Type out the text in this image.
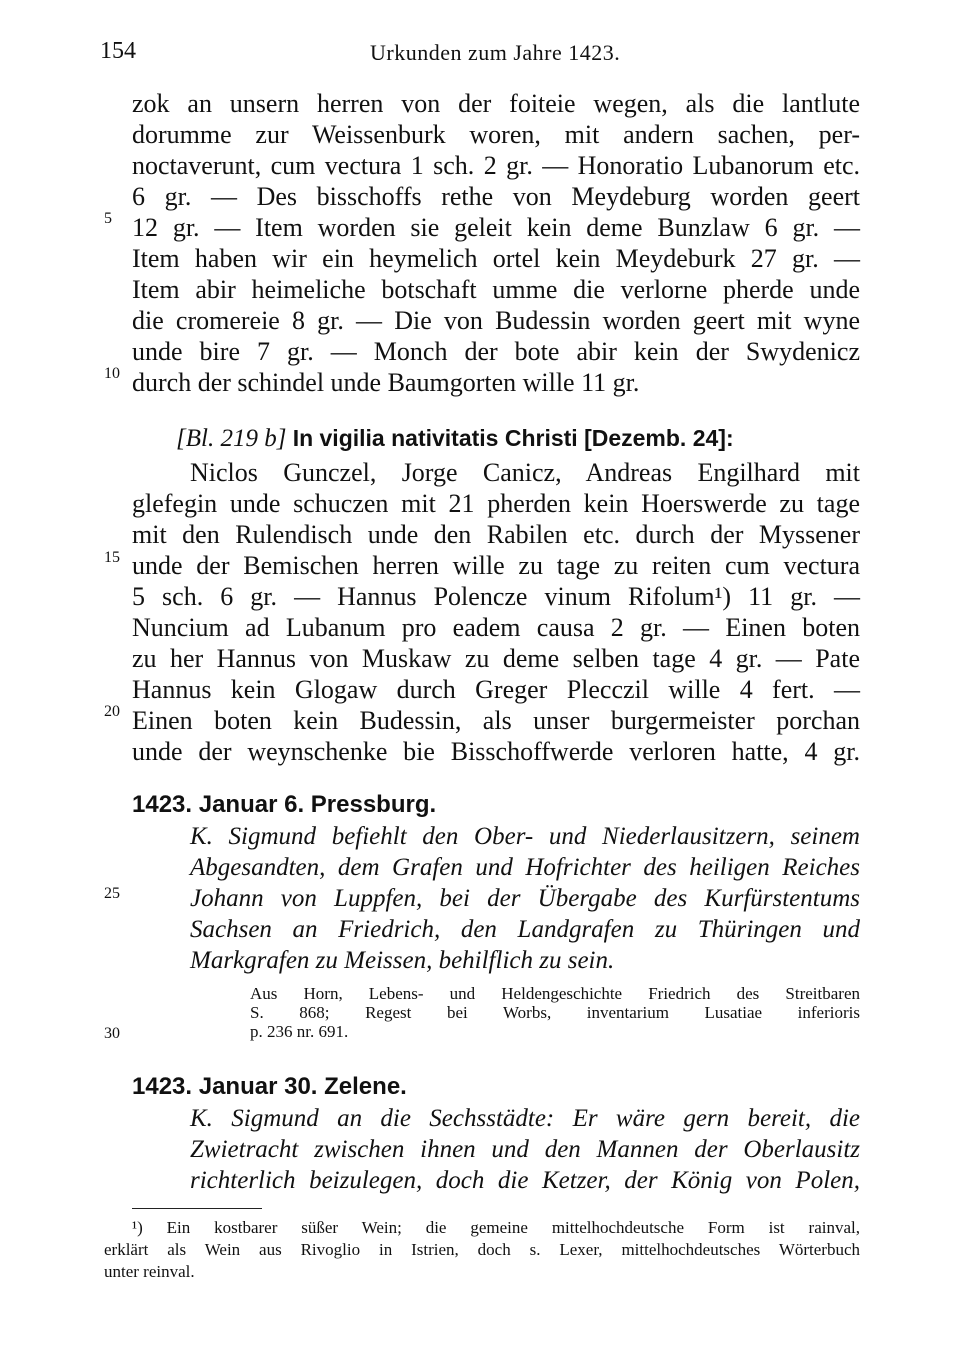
154	Urkunden zum Jahre 1423.
5
10
15
20
25
30
zok an unsern herren von der foiteie wegen, als die lantlute
dorumme zur Weissenburk woren, mit andern sachen, per-
noctaverunt, cum vectura 1 sch. 2 gr. — Honoratio Lubanorum etc.
6 gr. — Des bisschoffs rethe von Meydeburg worden geert
12 gr. — Item worden sie geleit kein deme Bunzlaw 6 gr. —
Item haben wir ein heymelich ortel kein Meydeburk 27 gr. —
Item abir heimeliche botschaft umme die verlorne pherde unde
die cromereie 8 gr. — Die von Budessin worden geert mit wyne
unde bire 7 gr. — Monch der bote abir kein der Swydenicz
durch der schindel unde Baumgorten wille 11 gr.
[Bl. 219 b] In vigilia nativitatis Christi [Dezemb. 24]:
Niclos Gunczel, Jorge Canicz, Andreas Engilhard mit
glefegin unde schuczen mit 21 pherden kein Hoerswerde zu tage
mit den Rulendisch unde den Rabilen etc. durch der Myssener
unde der Bemischen herren wille zu tage zu reiten cum vectura
5 sch. 6 gr. — Hannus Polencze vinum Rifolum¹) 11 gr. —
Nuncium ad Lubanum pro eadem causa 2 gr. — Einen boten
zu her Hannus von Muskaw zu deme selben tage 4 gr. — Pate
Hannus kein Glogaw durch Greger Plecczil wille 4 fert. —
Einen boten kein Budessin, als unser burgermeister porchan
unde der weynschenke bie Bisschoffwerde verloren hatte, 4 gr.
1423. Januar 6. Pressburg.
K. Sigmund befiehlt den Ober- und Niederlausitzern, seinem
Abgesandten, dem Grafen und Hofrichter des heiligen Reiches
Johann von Luppfen, bei der Übergabe des Kurfürstentums
Sachsen an Friedrich, den Landgrafen zu Thüringen und
Markgrafen zu Meissen, behilflich zu sein.
Aus Horn, Lebens- und Heldengeschichte Friedrich des Streitbaren
S. 868; Regest bei Worbs, inventarium Lusatiae inferioris
p. 236 nr. 691.
1423. Januar 30. Zelene.
K. Sigmund an die Sechsstädte: Er wäre gern bereit, die
Zwietracht zwischen ihnen und den Mannen der Oberlausitz
richterlich beizulegen, doch die Ketzer, der König von Polen,
¹) Ein kostbarer süßer Wein; die gemeine mittelhochdeutsche Form ist rainval,
erklärt als Wein aus Rivoglio in Istrien, doch s. Lexer, mittelhochdeutsches Wörterbuch
unter reinval.
